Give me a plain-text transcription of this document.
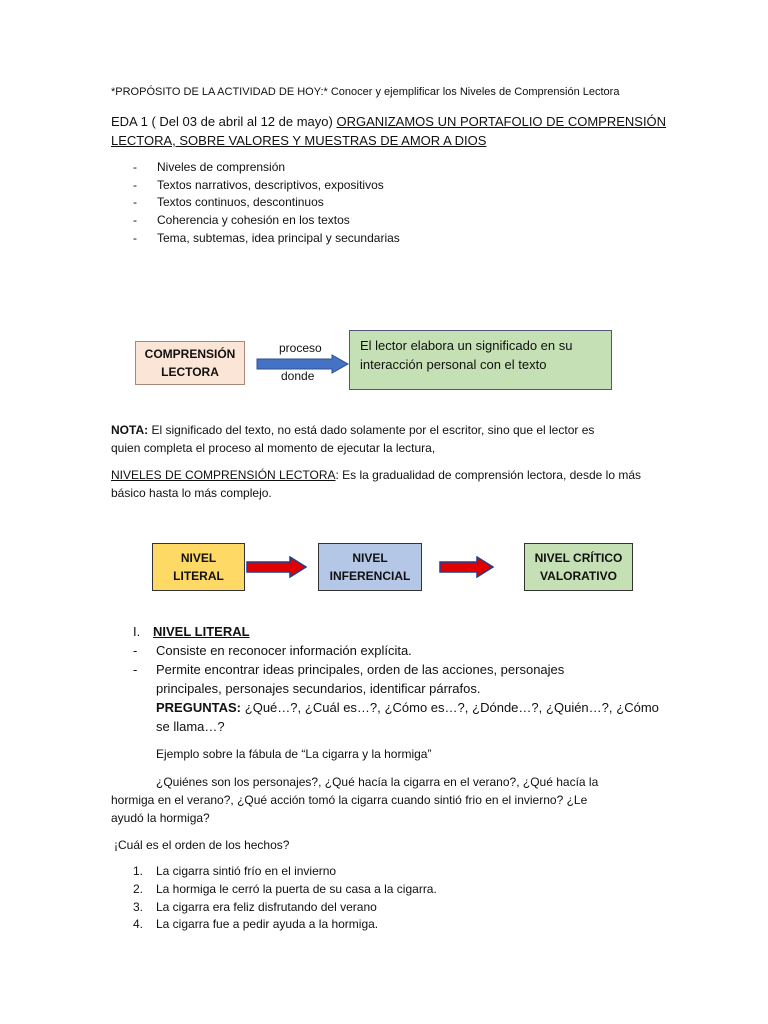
*PROPÓSITO DE LA ACTIVIDAD DE HOY:* Conocer y ejemplificar los Niveles de Comprensión Lectora
EDA 1 ( Del 03 de abril al 12 de mayo) ORGANIZAMOS UN PORTAFOLIO DE COMPRENSIÓN
LECTORA, SOBRE VALORES Y MUESTRAS DE AMOR A DIOS
- Niveles de comprensión
- Textos narrativos, descriptivos, expositivos
- Textos continuos, descontinuos
- Coherencia y cohesión en los textos
- Tema, subtemas, idea principal y secundarias
COMPRENSIÓN
LECTORA
proceso
donde
El lector elabora un significado en su interacción personal con el texto
NOTA: El significado del texto, no está dado solamente por el escritor, sino que el lector es
quien completa el proceso al momento de ejecutar la lectura,
NIVELES DE COMPRENSIÓN LECTORA: Es la gradualidad de comprensión lectora, desde lo más
básico hasta lo más complejo.
NIVEL
LITERAL
NIVEL
INFERENCIAL
NIVEL CRÍTICO
VALORATIVO
I. NIVEL LITERAL
- Consiste en reconocer información explícita.
- Permite encontrar ideas principales, orden de las acciones, personajes
principales, personajes secundarios, identificar párrafos.
PREGUNTAS: ¿Qué…?, ¿Cuál es…?, ¿Cómo es…?, ¿Dónde…?, ¿Quién…?, ¿Cómo
se llama…?
Ejemplo sobre la fábula de “La cigarra y la hormiga”
¿Quiénes son los personajes?, ¿Qué hacía la cigarra en el verano?, ¿Qué hacía la
hormiga en el verano?, ¿Qué acción tomó la cigarra cuando sintió frio en el invierno? ¿Le
ayudó la hormiga?
¡Cuál es el orden de los hechos?
1. La cigarra sintió frío en el invierno
2. La hormiga le cerró la puerta de su casa a la cigarra.
3. La cigarra era feliz disfrutando del verano
4. La cigarra fue a pedir ayuda a la hormiga.
